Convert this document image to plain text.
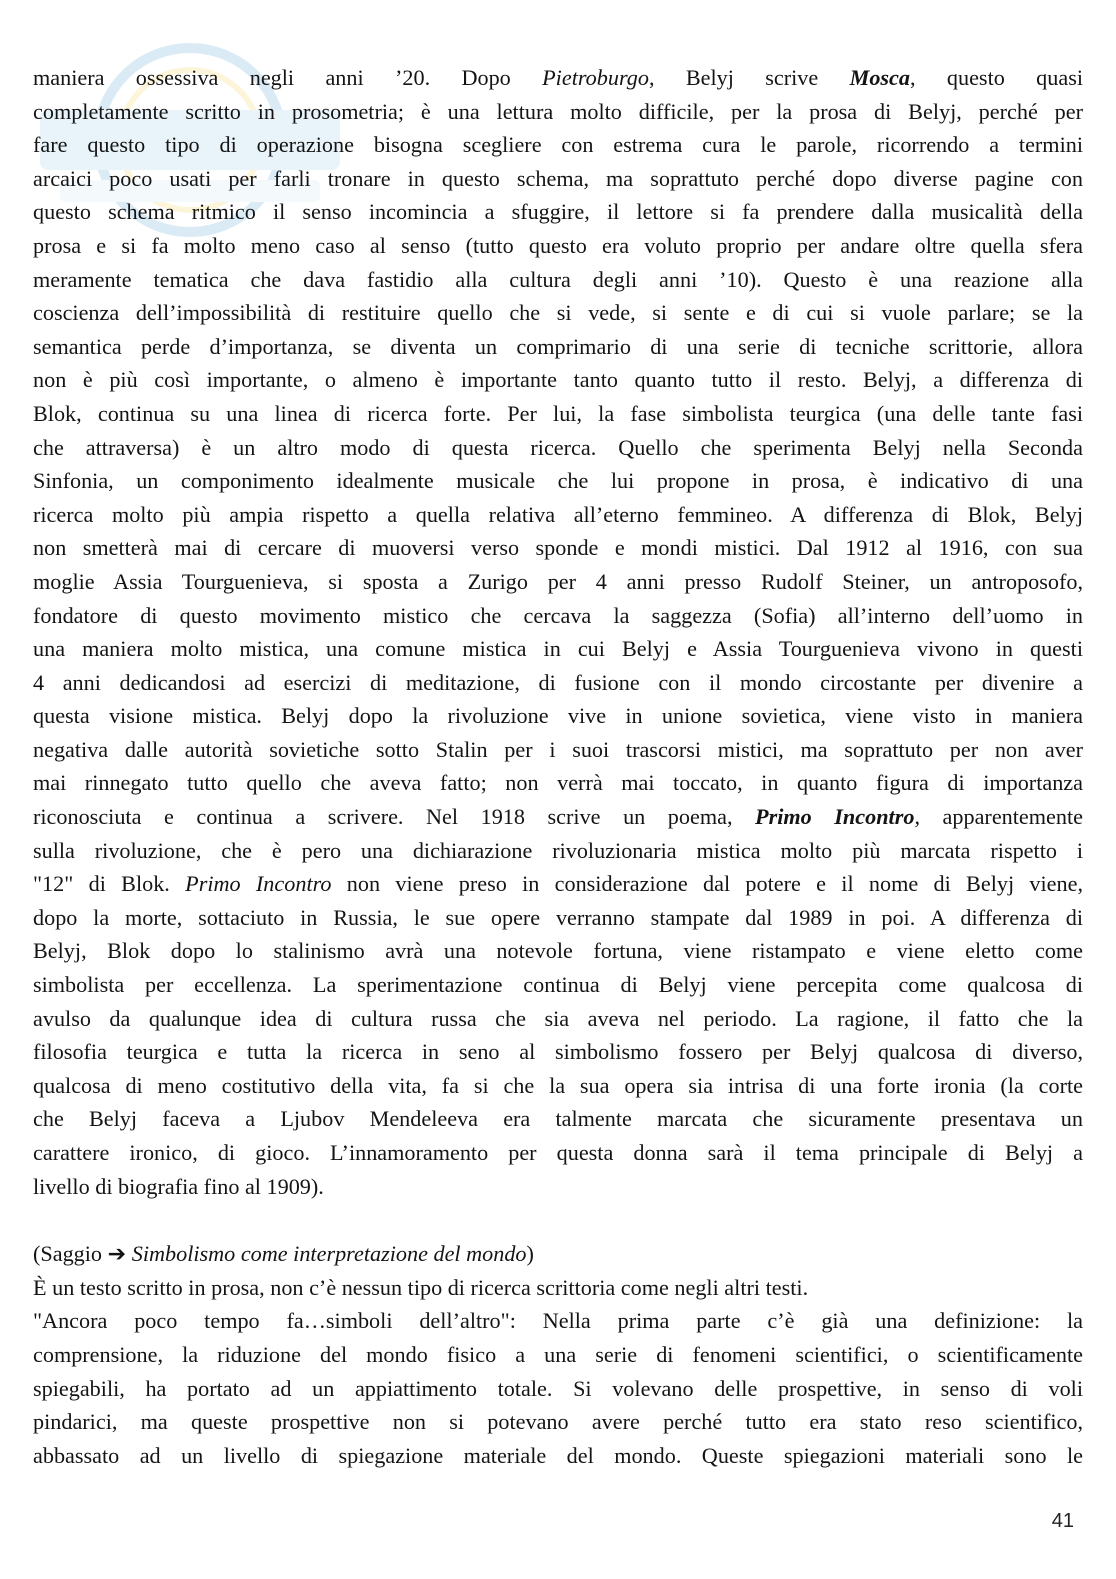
maniera ossessiva negli anni ’20. Dopo Pietroburgo, Belyj scrive Mosca, questo quasi
completamente scritto in prosometria; è una lettura molto difficile, per la prosa di Belyj, perché per
fare questo tipo di operazione bisogna scegliere con estrema cura le parole, ricorrendo a termini
arcaici poco usati per farli tronare in questo schema, ma soprattuto perché dopo diverse pagine con
questo schema ritmico il senso incomincia a sfuggire, il lettore si fa prendere dalla musicalità della
prosa e si fa molto meno caso al senso (tutto questo era voluto proprio per andare oltre quella sfera
meramente tematica che dava fastidio alla cultura degli anni ’10). Questo è una reazione alla
coscienza dell’impossibilità di restituire quello che si vede, si sente e di cui si vuole parlare; se la
semantica perde d’importanza, se diventa un comprimario di una serie di tecniche scrittorie, allora
non è più così importante, o almeno è importante tanto quanto tutto il resto. Belyj, a differenza di
Blok, continua su una linea di ricerca forte. Per lui, la fase simbolista teurgica (una delle tante fasi
che attraversa) è un altro modo di questa ricerca. Quello che sperimenta Belyj nella Seconda
Sinfonia, un componimento idealmente musicale che lui propone in prosa, è indicativo di una
ricerca molto più ampia rispetto a quella relativa all’eterno femmineo. A differenza di Blok, Belyj
non smetterà mai di cercare di muoversi verso sponde e mondi mistici. Dal 1912 al 1916, con sua
moglie Assia Tourguenieva, si sposta a Zurigo per 4 anni presso Rudolf Steiner, un antroposofo,
fondatore di questo movimento mistico che cercava la saggezza (Sofia) all’interno dell’uomo in
una maniera molto mistica, una comune mistica in cui Belyj e Assia Tourguenieva vivono in questi
4 anni dedicandosi ad esercizi di meditazione, di fusione con il mondo circostante per divenire a
questa visione mistica. Belyj dopo la rivoluzione vive in unione sovietica, viene visto in maniera
negativa dalle autorità sovietiche sotto Stalin per i suoi trascorsi mistici, ma soprattuto per non aver
mai rinnegato tutto quello che aveva fatto; non verrà mai toccato, in quanto figura di importanza
riconosciuta e continua a scrivere. Nel 1918 scrive un poema, Primo Incontro, apparentemente
sulla rivoluzione, che è pero una dichiarazione rivoluzionaria mistica molto più marcata rispetto i
"12" di Blok. Primo Incontro non viene preso in considerazione dal potere e il nome di Belyj viene,
dopo la morte, sottaciuto in Russia, le sue opere verranno stampate dal 1989 in poi. A differenza di
Belyj, Blok dopo lo stalinismo avrà una notevole fortuna, viene ristampato e viene eletto come
simbolista per eccellenza. La sperimentazione continua di Belyj viene percepita come qualcosa di
avulso da qualunque idea di cultura russa che sia aveva nel periodo. La ragione, il fatto che la
filosofia teurgica e tutta la ricerca in seno al simbolismo fossero per Belyj qualcosa di diverso,
qualcosa di meno costitutivo della vita, fa si che la sua opera sia intrisa di una forte ironia (la corte
che Belyj faceva a Ljubov Mendeleeva era talmente marcata che sicuramente presentava un
carattere ironico, di gioco. L’innamoramento per questa donna sarà il tema principale di Belyj a
livello di biografia fino al 1909).

(Saggio ➔ Simbolismo come interpretazione del mondo)
È un testo scritto in prosa, non c’è nessun tipo di ricerca scrittoria come negli altri testi.
"Ancora poco tempo fa…simboli dell’altro": Nella prima parte c’è già una definizione: la
comprensione, la riduzione del mondo fisico a una serie di fenomeni scientifici, o scientificamente
spiegabili, ha portato ad un appiattimento totale. Si volevano delle prospettive, in senso di voli
pindarici, ma queste prospettive non si potevano avere perché tutto era stato reso scientifico,
abbassato ad un livello di spiegazione materiale del mondo. Queste spiegazioni materiali sono le

41
